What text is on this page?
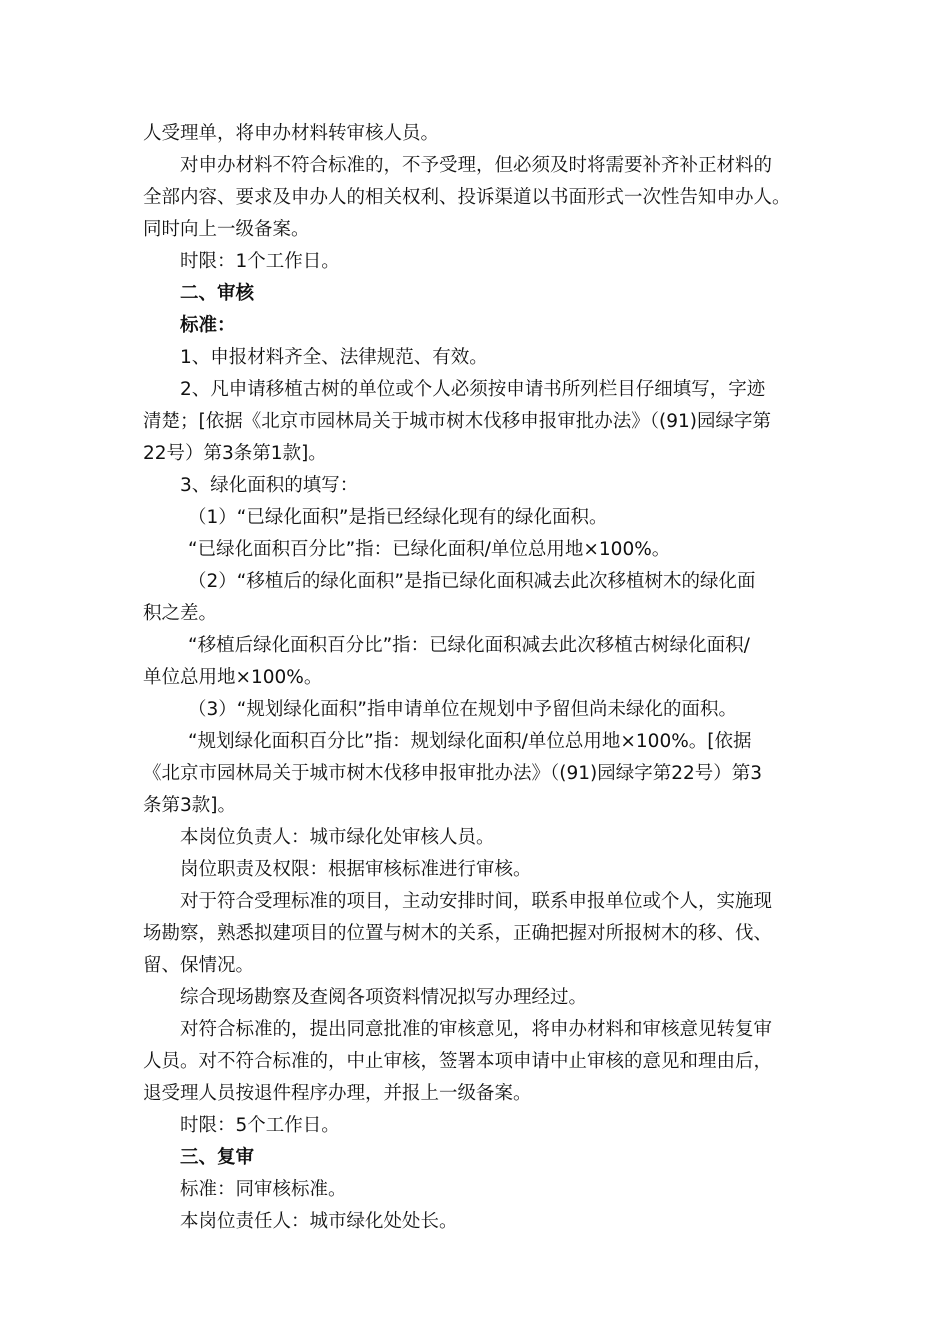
人受理单，将申办材料转审核人员。
对申办材料不符合标准的，不予受理，但必须及时将需要补齐补正材料的
全部内容、要求及申办人的相关权利、投诉渠道以书面形式一次性告知申办人。
同时向上一级备案。
时限：1个工作日。
二、审核
标准：
1、申报材料齐全、法律规范、有效。
2、凡申请移植古树的单位或个人必须按申请书所列栏目仔细填写，字迹
清楚；[依据《北京市园林局关于城市树木伐移申报审批办法》（(91)园绿字第
22号）第3条第1款]。
3、绿化面积的填写：
（1）“已绿化面积”是指已经绿化现有的绿化面积。
“已绿化面积百分比”指：已绿化面积/单位总用地×100%。
（2）“移植后的绿化面积”是指已绿化面积减去此次移植树木的绿化面
积之差。
“移植后绿化面积百分比”指：已绿化面积减去此次移植古树绿化面积/
单位总用地×100%。
（3）“规划绿化面积”指申请单位在规划中予留但尚未绿化的面积。
“规划绿化面积百分比”指：规划绿化面积/单位总用地×100%。[依据
《北京市园林局关于城市树木伐移申报审批办法》（(91)园绿字第22号）第3
条第3款]。
本岗位负责人：城市绿化处审核人员。
岗位职责及权限：根据审核标准进行审核。
对于符合受理标准的项目，主动安排时间，联系申报单位或个人，实施现
场勘察，熟悉拟建项目的位置与树木的关系，正确把握对所报树木的移、伐、
留、保情况。
综合现场勘察及查阅各项资料情况拟写办理经过。
对符合标准的，提出同意批准的审核意见，将申办材料和审核意见转复审
人员。对不符合标准的，中止审核，签署本项申请中止审核的意见和理由后，
退受理人员按退件程序办理，并报上一级备案。
时限：5个工作日。
三、复审
标准：同审核标准。
本岗位责任人：城市绿化处处长。
